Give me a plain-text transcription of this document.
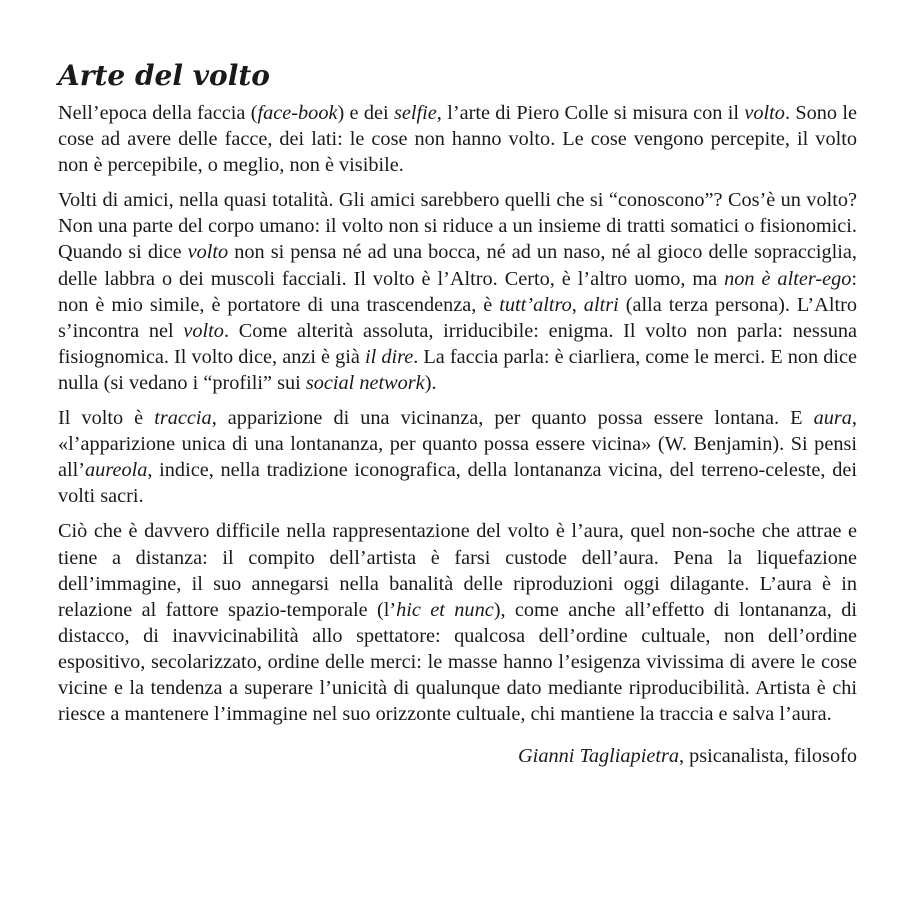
Arte del volto

Nell’epoca della faccia (face-book) e dei selfie, l’arte di Piero Colle si misura con il volto. Sono le cose ad avere delle facce, dei lati: le cose non hanno volto. Le cose vengono percepite, il volto non è percepibile, o meglio, non è visibile.

Volti di amici, nella quasi totalità. Gli amici sarebbero quelli che si “conoscono”? Cos’è un volto? Non una parte del corpo umano: il volto non si riduce a un insieme di tratti somatici o fisionomici. Quando si dice volto non si pensa né ad una bocca, né ad un naso, né al gioco delle sopracciglia, delle labbra o dei muscoli facciali. Il volto è l’Altro. Certo, è l’altro uomo, ma non è alter-ego: non è mio simile, è portatore di una trascendenza, è tutt’altro, altri (alla terza persona). L’Altro s’incontra nel volto. Come alterità assoluta, irriducibile: enigma. Il volto non parla: nessuna fisiognomica. Il volto dice, anzi è già il dire. La faccia parla: è ciarliera, come le merci. E non dice nulla (si vedano i “profili” sui social network).

Il volto è traccia, apparizione di una vicinanza, per quanto possa essere lontana. E aura, «l’apparizione unica di una lontananza, per quanto possa essere vicina» (W. Benjamin). Si pensi all’aureola, indice, nella tradizione iconografica, della lontananza vicina, del terreno-celeste, dei volti sacri.

Ciò che è davvero difficile nella rappresentazione del volto è l’aura, quel non-soche che attrae e tiene a distanza: il compito dell’artista è farsi custode dell’aura. Pena la liquefazione dell’immagine, il suo annegarsi nella banalità delle riproduzioni oggi dilagante. L’aura è in relazione al fattore spazio-temporale (l’hic et nunc), come anche all’effetto di lontananza, di distacco, di inavvicinabilità allo spettatore: qualcosa dell’ordine cultuale, non dell’ordine espositivo, secolarizzato, ordine delle merci: le masse hanno l’esigenza vivissima di avere le cose vicine e la tendenza a superare l’unicità di qualunque dato mediante riproducibilità. Artista è chi riesce a mantenere l’immagine nel suo orizzonte cultuale, chi mantiene la traccia e salva l’aura.

Gianni Tagliapietra, psicanalista, filosofo
